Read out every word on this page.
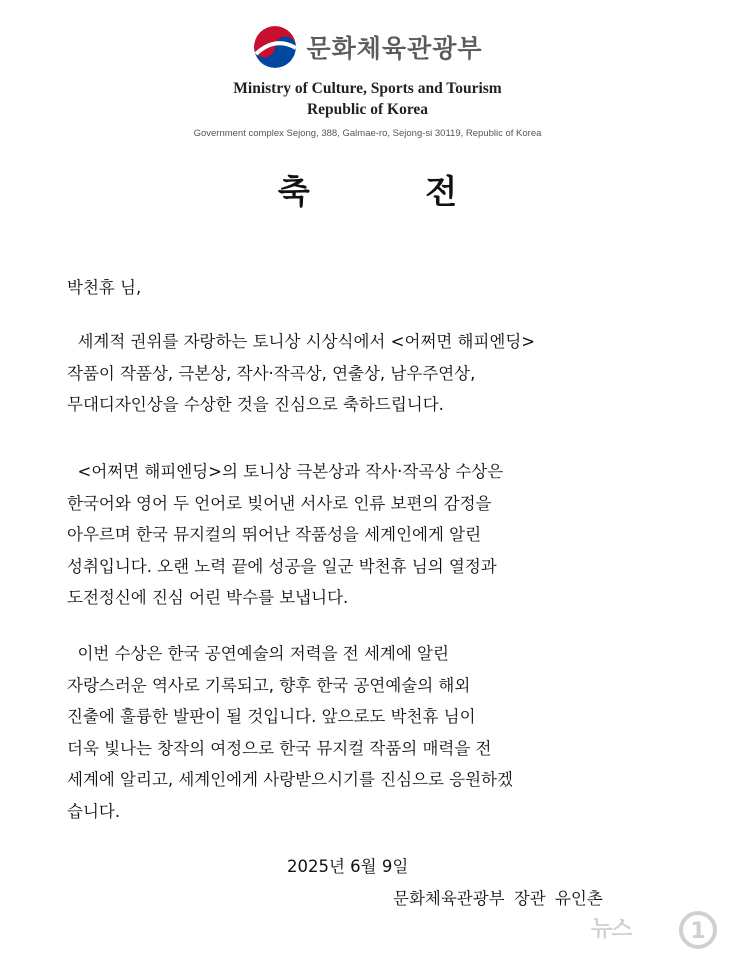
문화체육관광부
Ministry of Culture, Sports and Tourism
Republic of Korea
Government complex Sejong, 388, Galmae-ro, Sejong-si 30119, Republic of Korea
축 전
박천휴 님,
세계적 권위를 자랑하는 토니상 시상식에서 <어쩌면 해피엔딩>
작품이 작품상, 극본상, 작사·작곡상, 연출상, 남우주연상,
무대디자인상을 수상한 것을 진심으로 축하드립니다.
<어쩌면 해피엔딩>의 토니상 극본상과 작사·작곡상 수상은
한국어와 영어 두 언어로 빚어낸 서사로 인류 보편의 감정을
아우르며 한국 뮤지컬의 뛰어난 작품성을 세계인에게 알린
성취입니다. 오랜 노력 끝에 성공을 일군 박천휴 님의 열정과
도전정신에 진심 어린 박수를 보냅니다.
이번 수상은 한국 공연예술의 저력을 전 세계에 알린
자랑스러운 역사로 기록되고, 향후 한국 공연예술의 해외
진출에 훌륭한 발판이 될 것입니다. 앞으로도 박천휴 님이
더욱 빛나는 창작의 여정으로 한국 뮤지컬 작품의 매력을 전
세계에 알리고, 세계인에게 사랑받으시기를 진심으로 응원하겠
습니다.
2025년 6월 9일
문화체육관광부 장관 유인촌
뉴스	1
